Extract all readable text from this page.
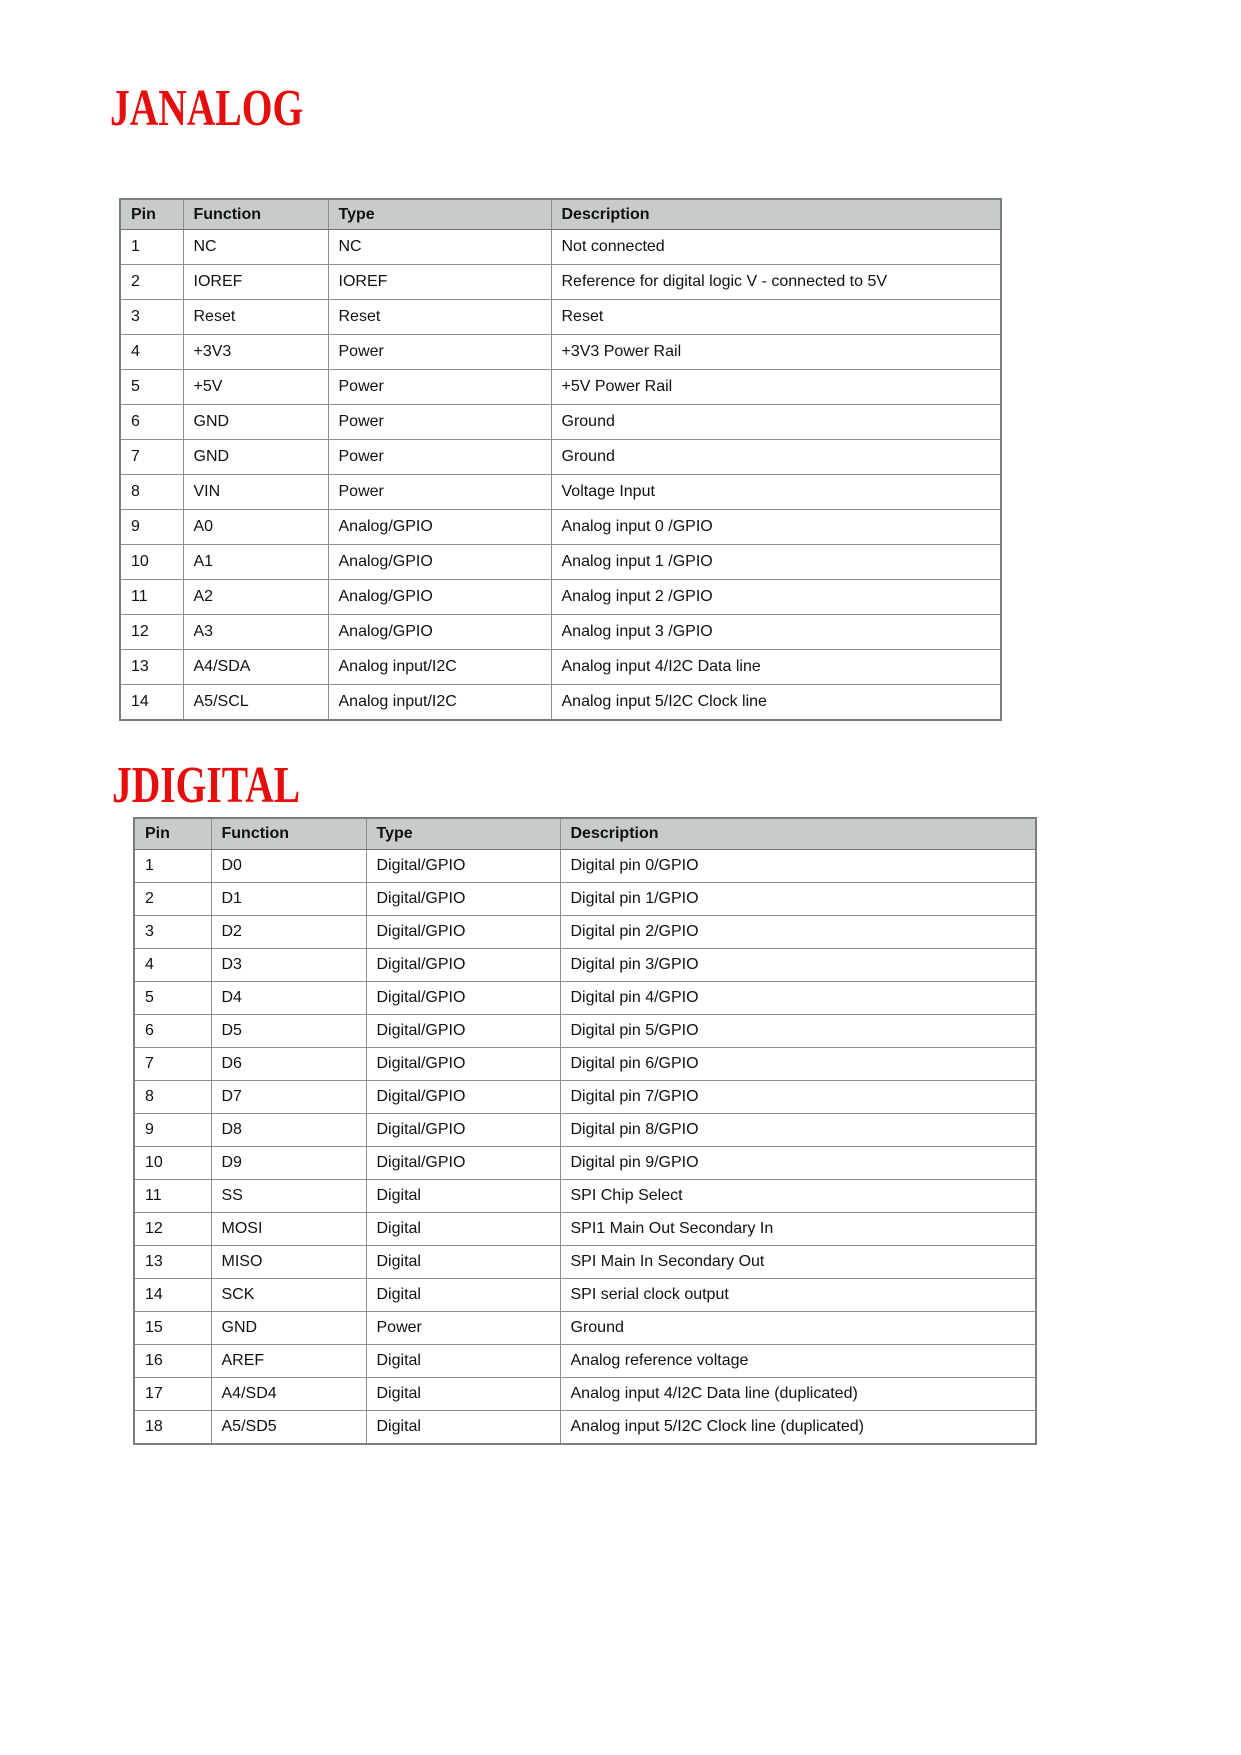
JANALOG
Pin	Function	Type	Description
1	NC	NC	Not connected
2	IOREF	IOREF	Reference for digital logic V - connected to 5V
3	Reset	Reset	Reset
4	+3V3	Power	+3V3 Power Rail
5	+5V	Power	+5V Power Rail
6	GND	Power	Ground
7	GND	Power	Ground
8	VIN	Power	Voltage Input
9	A0	Analog/GPIO	Analog input 0 /GPIO
10	A1	Analog/GPIO	Analog input 1 /GPIO
11	A2	Analog/GPIO	Analog input 2 /GPIO
12	A3	Analog/GPIO	Analog input 3 /GPIO
13	A4/SDA	Analog input/I2C	Analog input 4/I2C Data line
14	A5/SCL	Analog input/I2C	Analog input 5/I2C Clock line
JDIGITAL
Pin	Function	Type	Description
1	D0	Digital/GPIO	Digital pin 0/GPIO
2	D1	Digital/GPIO	Digital pin 1/GPIO
3	D2	Digital/GPIO	Digital pin 2/GPIO
4	D3	Digital/GPIO	Digital pin 3/GPIO
5	D4	Digital/GPIO	Digital pin 4/GPIO
6	D5	Digital/GPIO	Digital pin 5/GPIO
7	D6	Digital/GPIO	Digital pin 6/GPIO
8	D7	Digital/GPIO	Digital pin 7/GPIO
9	D8	Digital/GPIO	Digital pin 8/GPIO
10	D9	Digital/GPIO	Digital pin 9/GPIO
11	SS	Digital	SPI Chip Select
12	MOSI	Digital	SPI1 Main Out Secondary In
13	MISO	Digital	SPI Main In Secondary Out
14	SCK	Digital	SPI serial clock output
15	GND	Power	Ground
16	AREF	Digital	Analog reference voltage
17	A4/SD4	Digital	Analog input 4/I2C Data line (duplicated)
18	A5/SD5	Digital	Analog input 5/I2C Clock line (duplicated)
